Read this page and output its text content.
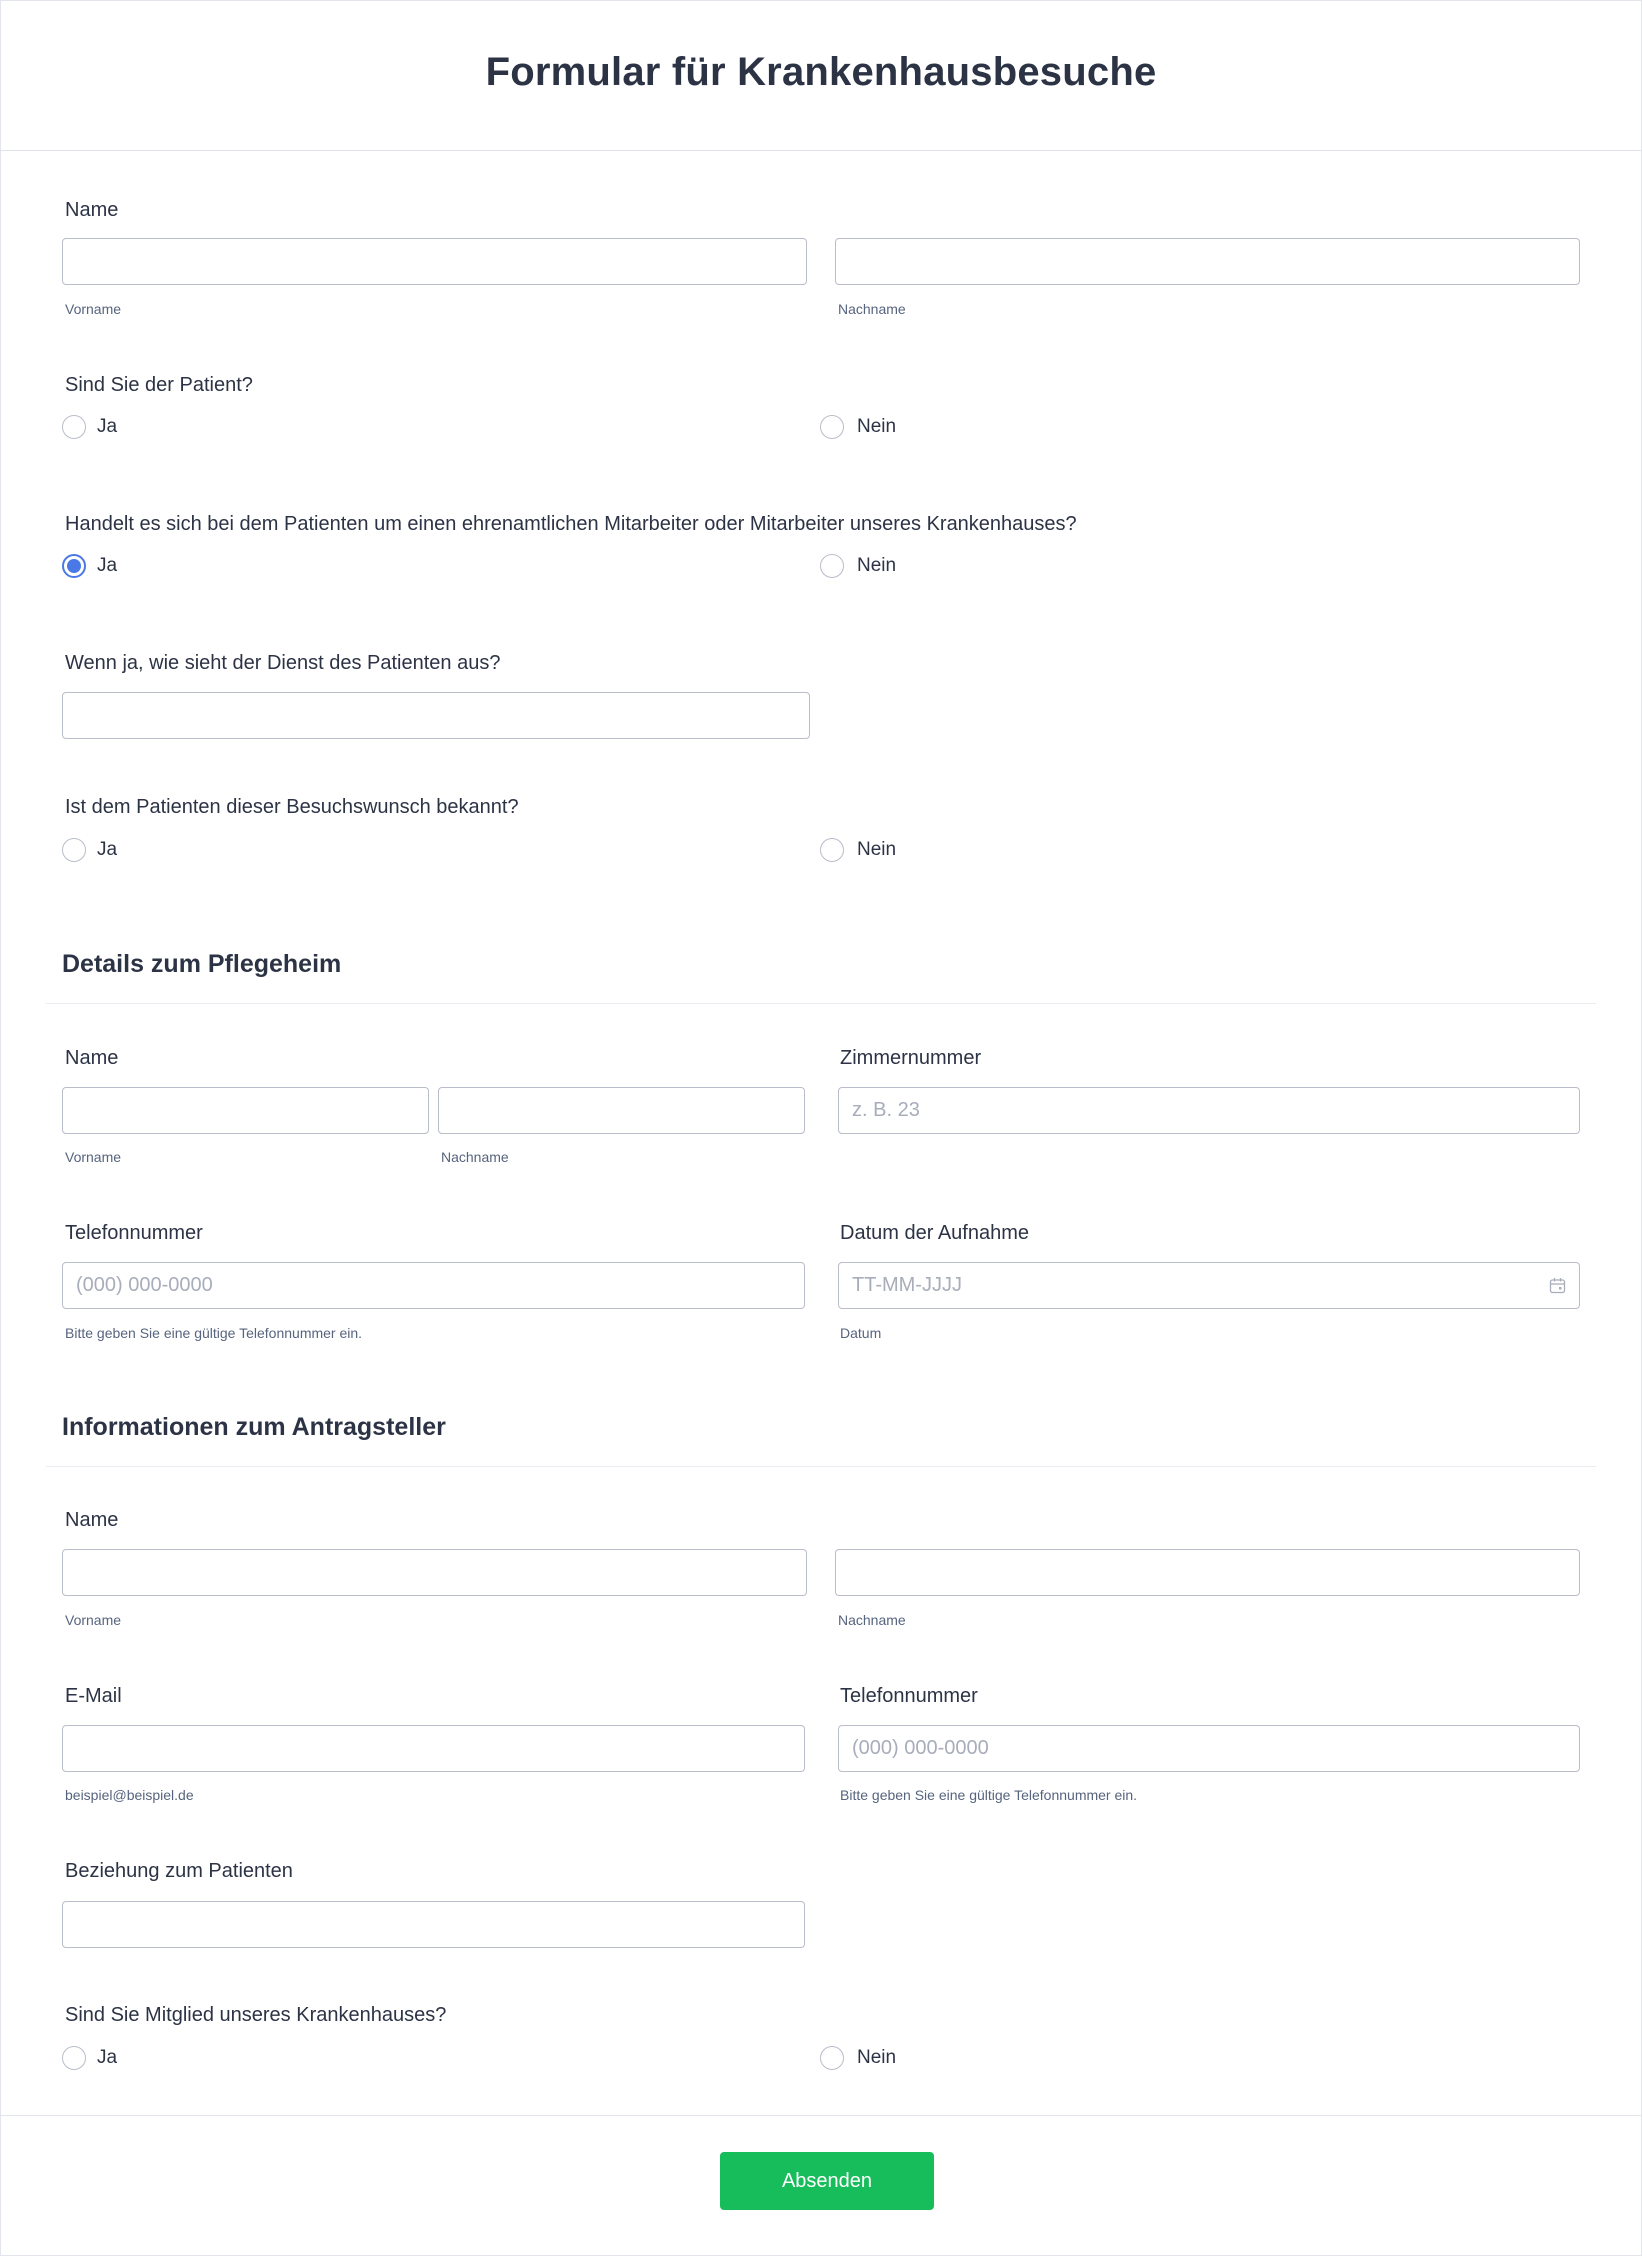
Formular für Krankenhausbesuche
Name
Vorname	Nachname
Sind Sie der Patient?
Ja	Nein
Handelt es sich bei dem Patienten um einen ehrenamtlichen Mitarbeiter oder Mitarbeiter unseres Krankenhauses?
Ja	Nein
Wenn ja, wie sieht der Dienst des Patienten aus?
Ist dem Patienten dieser Besuchswunsch bekannt?
Ja	Nein
Details zum Pflegeheim
Name
Vorname	Nachname
Zimmernummer
z. B. 23
Telefonnummer
(000) 000-0000
Bitte geben Sie eine gültige Telefonnummer ein.
Datum der Aufnahme
TT-MM-JJJJ
Datum
Informationen zum Antragsteller
Name
Vorname	Nachname
E-Mail
beispiel@beispiel.de
Telefonnummer
(000) 000-0000
Bitte geben Sie eine gültige Telefonnummer ein.
Beziehung zum Patienten
Sind Sie Mitglied unseres Krankenhauses?
Ja	Nein
Absenden
